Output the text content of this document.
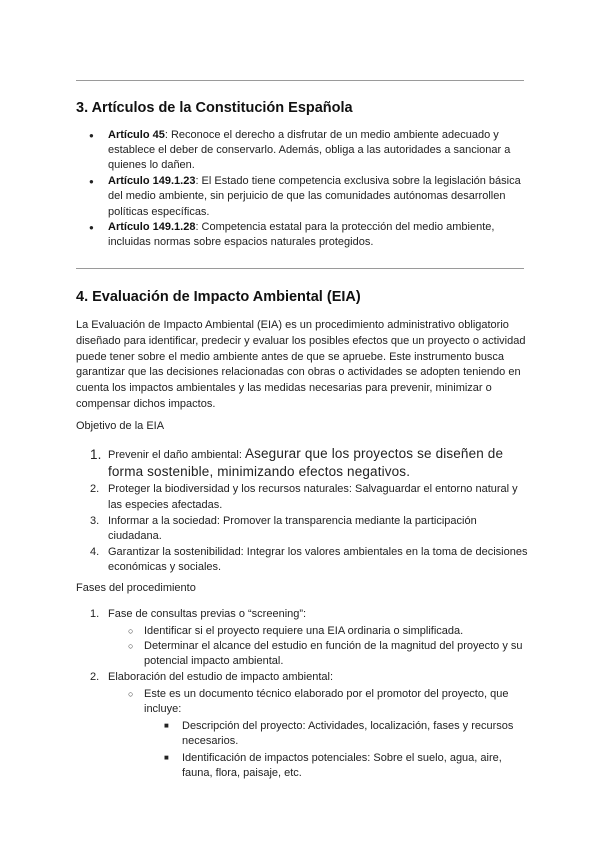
3. Artículos de la Constitución Española
● Artículo 45: Reconoce el derecho a disfrutar de un medio ambiente adecuado y establece el deber de conservarlo. Además, obliga a las autoridades a sancionar a quienes lo dañen.
● Artículo 149.1.23: El Estado tiene competencia exclusiva sobre la legislación básica del medio ambiente, sin perjuicio de que las comunidades autónomas desarrollen políticas específicas.
● Artículo 149.1.28: Competencia estatal para la protección del medio ambiente, incluidas normas sobre espacios naturales protegidos.
4. Evaluación de Impacto Ambiental (EIA)

La Evaluación de Impacto Ambiental (EIA) es un procedimiento administrativo obligatorio diseñado para identificar, predecir y evaluar los posibles efectos que un proyecto o actividad puede tener sobre el medio ambiente antes de que se apruebe. Este instrumento busca garantizar que las decisiones relacionadas con obras o actividades se adopten teniendo en cuenta los impactos ambientales y las medidas necesarias para prevenir, minimizar o compensar dichos impactos.

Objetivo de la EIA

1. Prevenir el daño ambiental: Asegurar que los proyectos se diseñen de forma sostenible, minimizando efectos negativos.
2. Proteger la biodiversidad y los recursos naturales: Salvaguardar el entorno natural y las especies afectadas.
3. Informar a la sociedad: Promover la transparencia mediante la participación ciudadana.
4. Garantizar la sostenibilidad: Integrar los valores ambientales en la toma de decisiones económicas y sociales.

Fases del procedimiento

1. Fase de consultas previas o “screening”:
○ Identificar si el proyecto requiere una EIA ordinaria o simplificada.
○ Determinar el alcance del estudio en función de la magnitud del proyecto y su potencial impacto ambiental.
2. Elaboración del estudio de impacto ambiental:
○ Este es un documento técnico elaborado por el promotor del proyecto, que incluye:
■ Descripción del proyecto: Actividades, localización, fases y recursos necesarios.
■ Identificación de impactos potenciales: Sobre el suelo, agua, aire, fauna, flora, paisaje, etc.
